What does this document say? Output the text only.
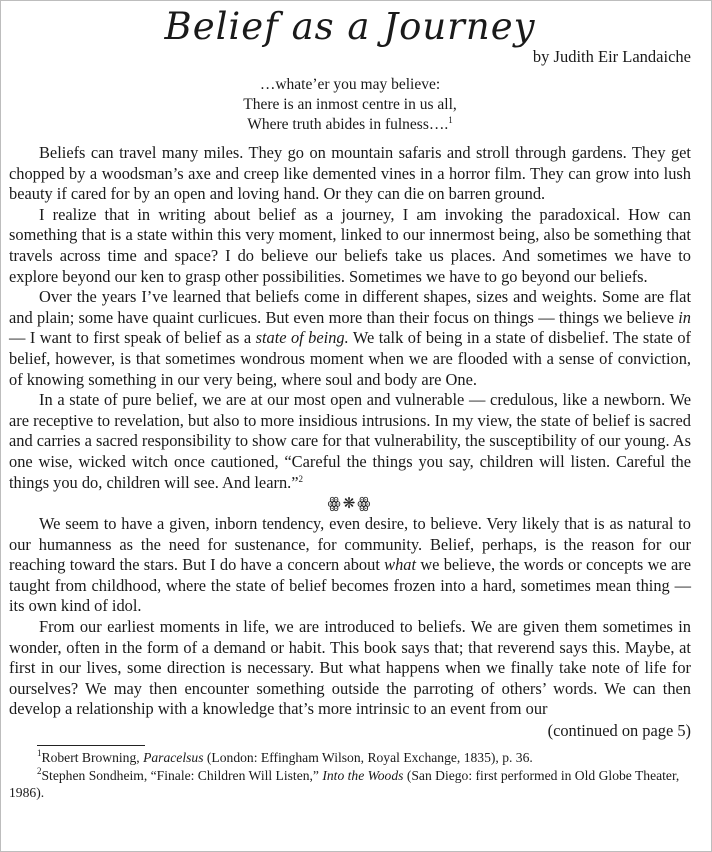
Belief as a Journey
by Judith Eir Landaiche
…whate’er you may believe:
There is an inmost centre in us all,
Where truth abides in fulness….$^1$

Beliefs can travel many miles. They go on mountain safaris and stroll through gardens. They get chopped by a woodsman’s axe and creep like demented vines in a horror film. They can grow into lush beauty if cared for by an open and loving hand. Or they can die on barren ground.

I realize that in writing about belief as a journey, I am invoking the paradoxical. How can something that is a state within this very moment, linked to our innermost being, also be something that travels across time and space? I do believe our beliefs take us places. And sometimes we have to explore beyond our ken to grasp other possibilities. Sometimes we have to go beyond our beliefs.

Over the years I’ve learned that beliefs come in different shapes, sizes and weights. Some are flat and plain; some have quaint curlicues. But even more than their focus on things — things we believe in — I want to first speak of belief as a state of being. We talk of being in a state of disbelief. The state of belief, however, is that sometimes wondrous moment when we are flooded with a sense of conviction, of knowing something in our very being, where soul and body are One.

In a state of pure belief, we are at our most open and vulnerable — credulous, like a newborn. We are receptive to revelation, but also to more insidious intrusions. In my view, the state of belief is sacred and carries a sacred responsibility to show care for that vulnerability, the susceptibility of our young. As one wise, wicked witch once cautioned, “Careful the things you say, children will listen. Careful the things you do, children will see. And learn.”$^2$

ꙮ❋ꙮ

We seem to have a given, inborn tendency, even desire, to believe. Very likely that is as natural to our humanness as the need for sustenance, for community. Belief, perhaps, is the reason for our reaching toward the stars. But I do have a concern about what we believe, the words or concepts we are taught from childhood, where the state of belief becomes frozen into a hard, sometimes mean thing — its own kind of idol.

From our earliest moments in life, we are introduced to beliefs. We are given them sometimes in wonder, often in the form of a demand or habit. This book says that; that reverend says this. Maybe, at first in our lives, some direction is necessary. But what happens when we finally take note of life for ourselves? We may then encounter something outside the parroting of others’ words. We can then develop a relationship with a knowledge that’s more intrinsic to an event from our

(continued on page 5)

$^1$Robert Browning, Paracelsus (London: Effingham Wilson, Royal Exchange, 1835), p. 36.

$^2$Stephen Sondheim, “Finale: Children Will Listen,” Into the Woods (San Diego: first performed in Old Globe Theater, 1986).
